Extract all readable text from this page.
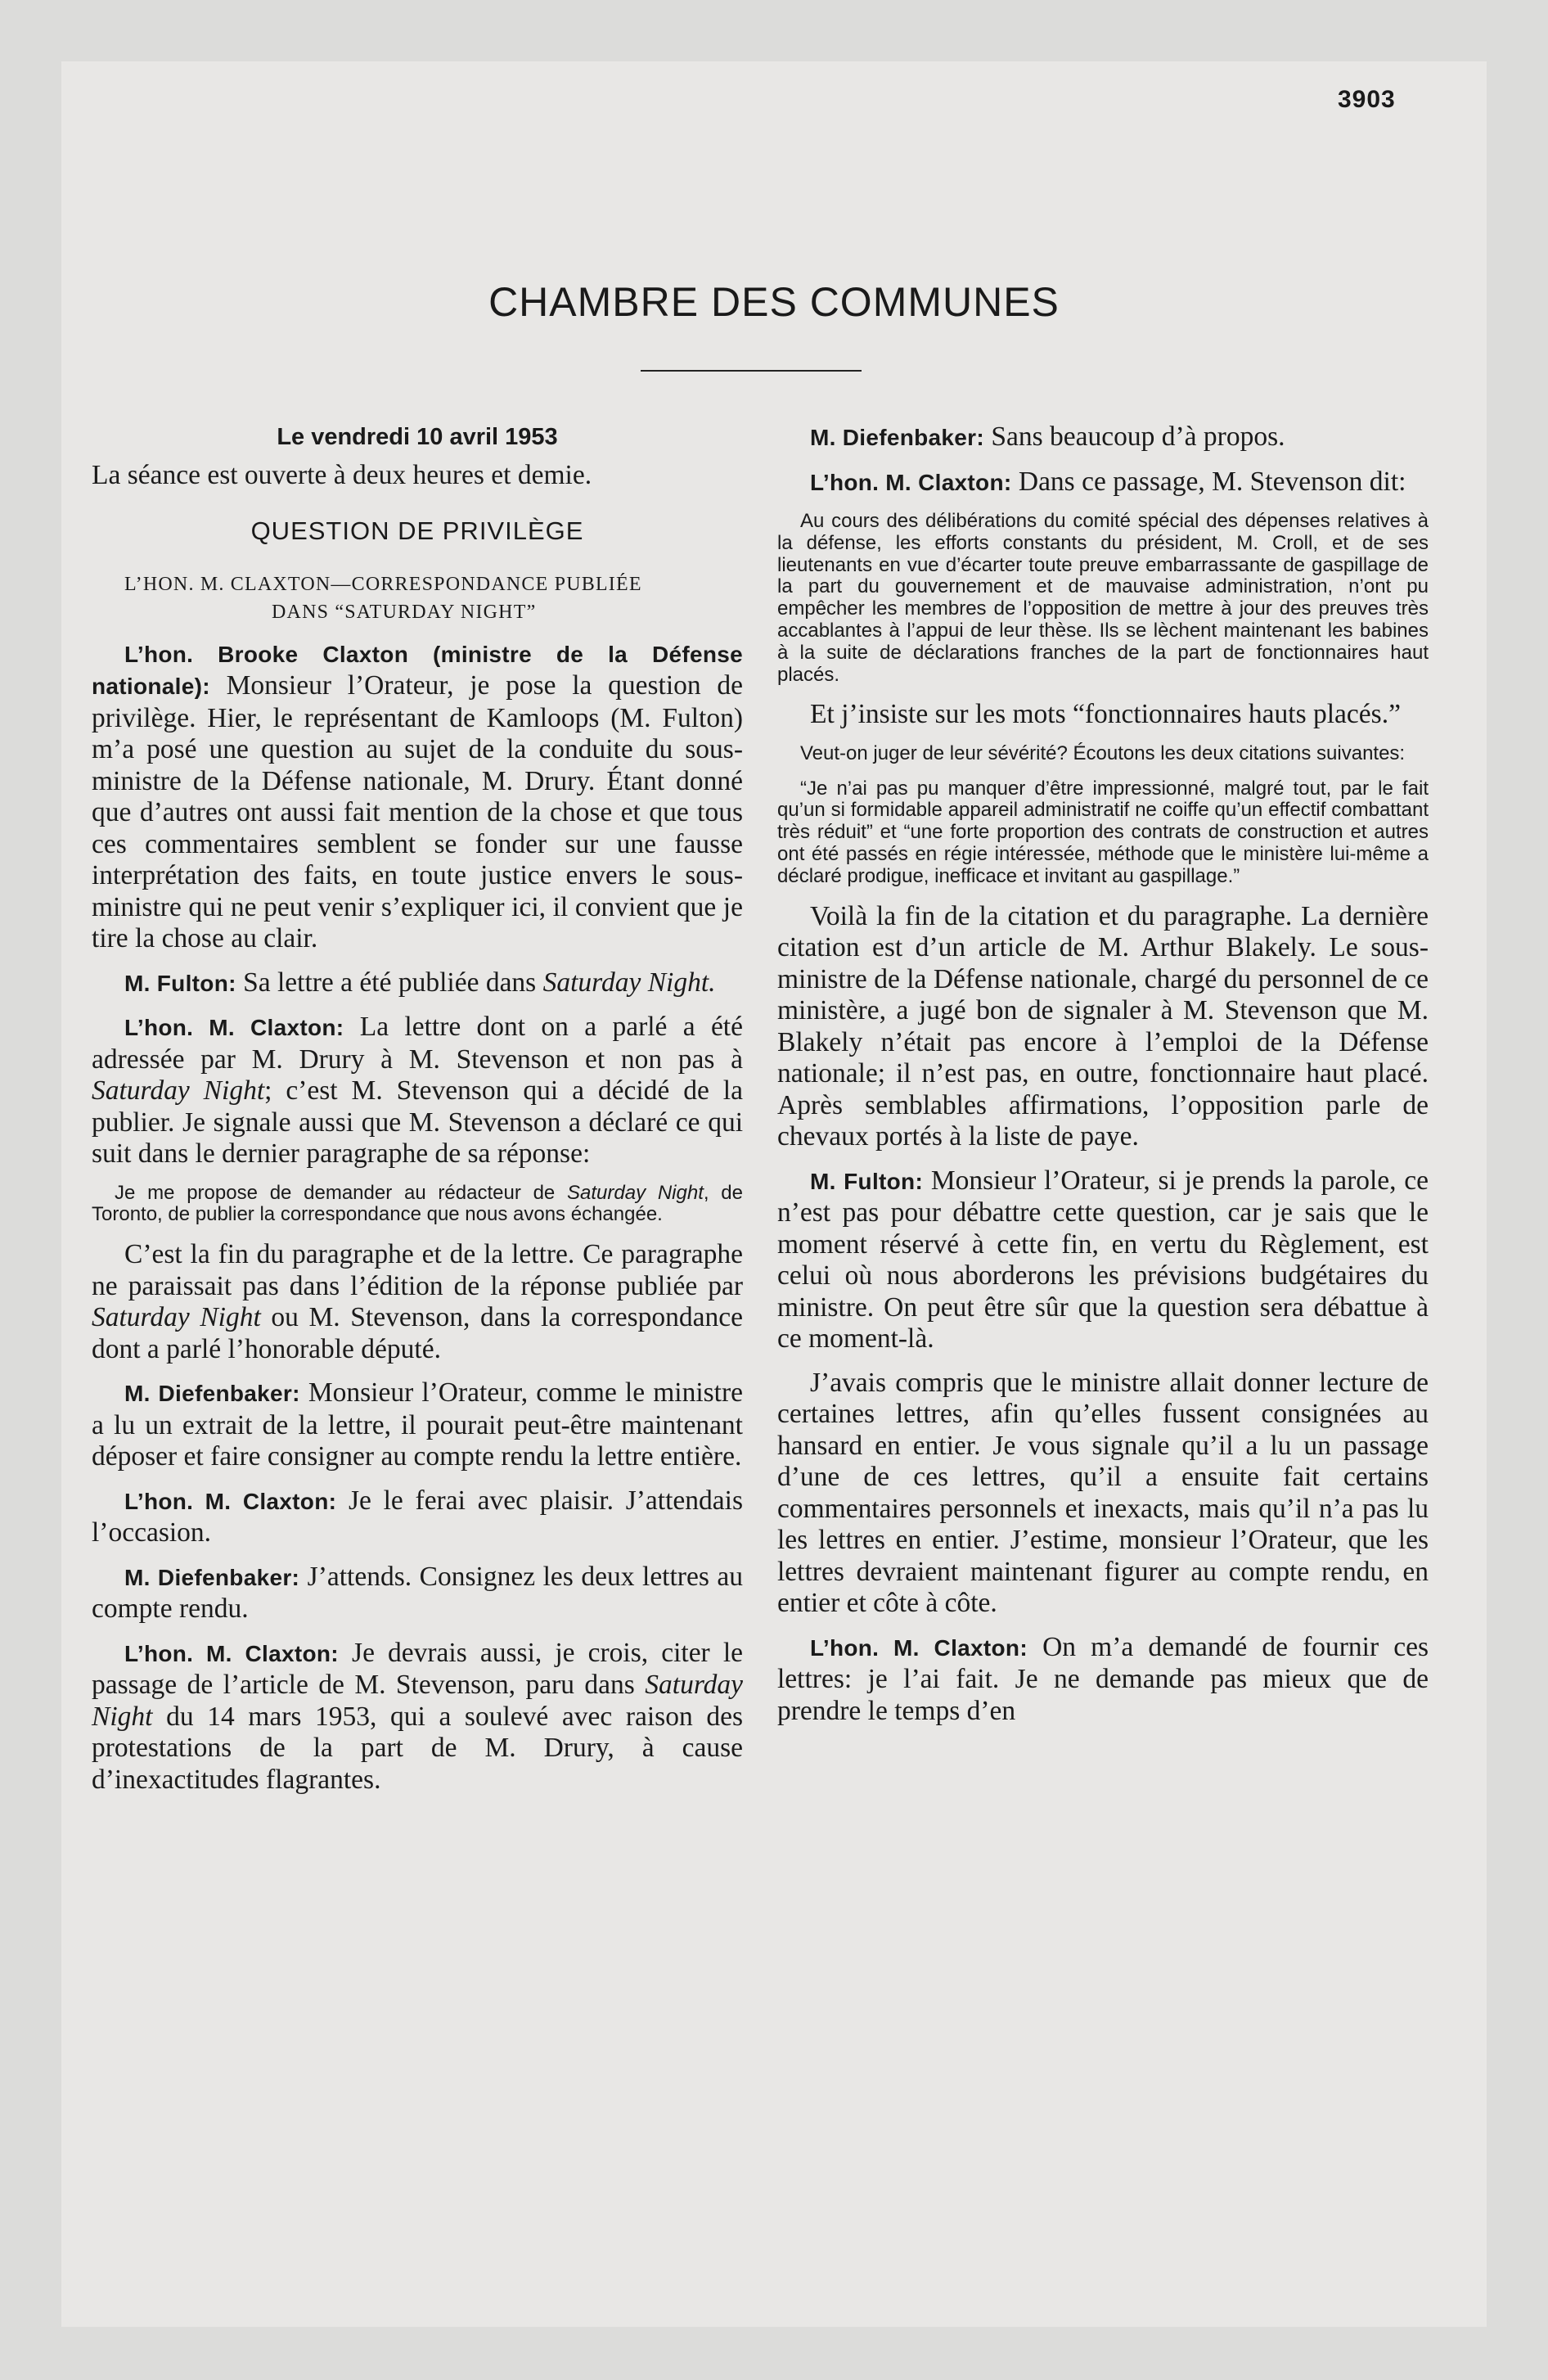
3903
CHAMBRE DES COMMUNES
Le vendredi 10 avril 1953

La séance est ouverte à deux heures et demie.

QUESTION DE PRIVILÈGE

L’HON. M. CLAXTON—CORRESPONDANCE PUBLIÉE
DANS “SATURDAY NIGHT”

L’hon. Brooke Claxton (ministre de la Défense nationale): Monsieur l’Orateur, je pose la question de privilège. Hier, le représentant de Kamloops (M. Fulton) m’a posé une question au sujet de la conduite du sous-ministre de la Défense nationale, M. Drury. Étant donné que d’autres ont aussi fait mention de la chose et que tous ces commentaires semblent se fonder sur une fausse interprétation des faits, en toute justice envers le sous-ministre qui ne peut venir s’expliquer ici, il convient que je tire la chose au clair.

M. Fulton: Sa lettre a été publiée dans Saturday Night.

L’hon. M. Claxton: La lettre dont on a parlé a été adressée par M. Drury à M. Stevenson et non pas à Saturday Night; c’est M. Stevenson qui a décidé de la publier. Je signale aussi que M. Stevenson a déclaré ce qui suit dans le dernier paragraphe de sa réponse:

Je me propose de demander au rédacteur de Saturday Night, de Toronto, de publier la correspondance que nous avons échangée.

C’est la fin du paragraphe et de la lettre. Ce paragraphe ne paraissait pas dans l’édition de la réponse publiée par Saturday Night ou M. Stevenson, dans la correspondance dont a parlé l’honorable député.

M. Diefenbaker: Monsieur l’Orateur, comme le ministre a lu un extrait de la lettre, il pourait peut-être maintenant déposer et faire consigner au compte rendu la lettre entière.

L’hon. M. Claxton: Je le ferai avec plaisir. J’attendais l’occasion.

M. Diefenbaker: J’attends. Consignez les deux lettres au compte rendu.

L’hon. M. Claxton: Je devrais aussi, je crois, citer le passage de l’article de M. Stevenson, paru dans Saturday Night du 14 mars 1953, qui a soulevé avec raison des protestations de la part de M. Drury, à cause d’inexactitudes flagrantes.

M. Diefenbaker: Sans beaucoup d’à propos.

L’hon. M. Claxton: Dans ce passage, M. Stevenson dit:

Au cours des délibérations du comité spécial des dépenses relatives à la défense, les efforts constants du président, M. Croll, et de ses lieutenants en vue d’écarter toute preuve embarrassante de gaspillage de la part du gouvernement et de mauvaise administration, n’ont pu empêcher les membres de l’opposition de mettre à jour des preuves très accablantes à l’appui de leur thèse. Ils se lèchent maintenant les babines à la suite de déclarations franches de la part de fonctionnaires haut placés.

Et j’insiste sur les mots “fonctionnaires hauts placés.”

Veut-on juger de leur sévérité? Écoutons les deux citations suivantes:

“Je n’ai pas pu manquer d’être impressionné, malgré tout, par le fait qu’un si formidable appareil administratif ne coiffe qu’un effectif combattant très réduit” et “une forte proportion des contrats de construction et autres ont été passés en régie intéressée, méthode que le ministère lui-même a déclaré prodigue, inefficace et invitant au gaspillage.”

Voilà la fin de la citation et du paragraphe. La dernière citation est d’un article de M. Arthur Blakely. Le sous-ministre de la Défense nationale, chargé du personnel de ce ministère, a jugé bon de signaler à M. Stevenson que M. Blakely n’était pas encore à l’emploi de la Défense nationale; il n’est pas, en outre, fonctionnaire haut placé. Après semblables affirmations, l’opposition parle de chevaux portés à la liste de paye.

M. Fulton: Monsieur l’Orateur, si je prends la parole, ce n’est pas pour débattre cette question, car je sais que le moment réservé à cette fin, en vertu du Règlement, est celui où nous aborderons les prévisions budgétaires du ministre. On peut être sûr que la question sera débattue à ce moment-là.

J’avais compris que le ministre allait donner lecture de certaines lettres, afin qu’elles fussent consignées au hansard en entier. Je vous signale qu’il a lu un passage d’une de ces lettres, qu’il a ensuite fait certains commentaires personnels et inexacts, mais qu’il n’a pas lu les lettres en entier. J’estime, monsieur l’Orateur, que les lettres devraient maintenant figurer au compte rendu, en entier et côte à côte.

L’hon. M. Claxton: On m’a demandé de fournir ces lettres: je l’ai fait. Je ne demande pas mieux que de prendre le temps d’en
